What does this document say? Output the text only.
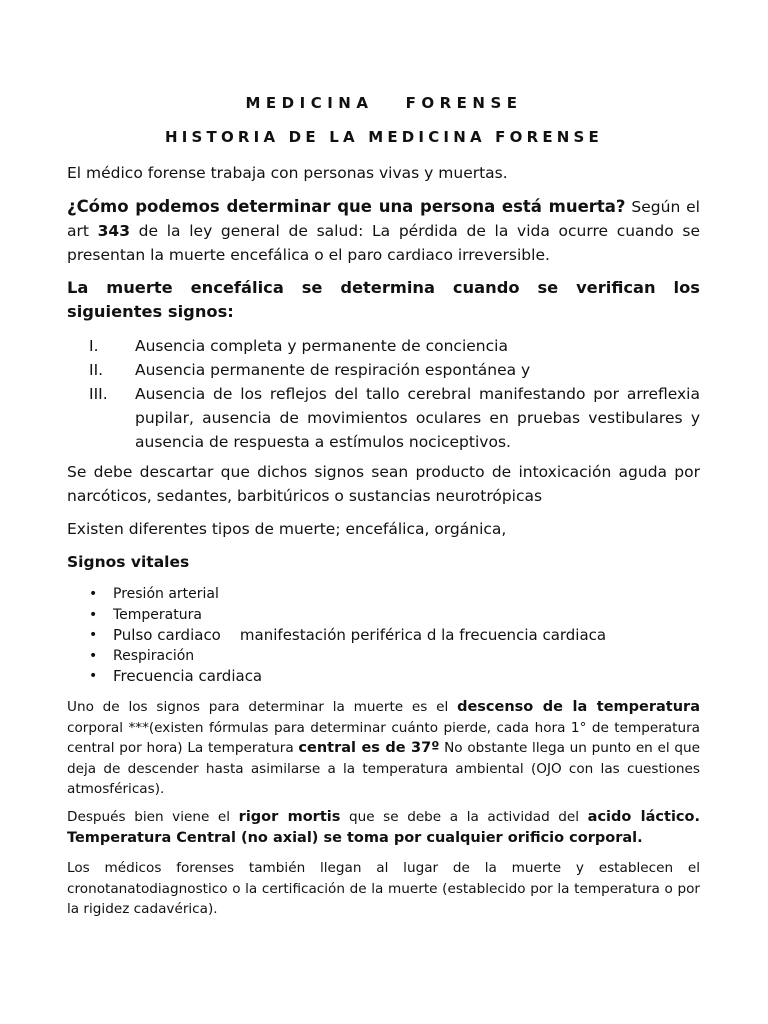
MEDICINA   FORENSE
HISTORIA DE LA MEDICINA FORENSE

El médico forense trabaja con personas vivas y muertas.

¿Cómo podemos determinar que una persona está muerta? Según el art 343 de la ley general de salud: La pérdida de la vida ocurre cuando se presentan la muerte encefálica o el paro cardiaco irreversible.

La muerte encefálica se determina cuando se verifican los siguientes signos:

I. Ausencia completa y permanente de conciencia
II. Ausencia permanente de respiración espontánea y
III. Ausencia de los reflejos del tallo cerebral manifestando por arreflexia pupilar, ausencia de movimientos oculares en pruebas vestibulares y ausencia de respuesta a estímulos nociceptivos.

Se debe descartar que dichos signos sean producto de intoxicación aguda por narcóticos, sedantes, barbitúricos o sustancias neurotrópicas

Existen diferentes tipos de muerte; encefálica, orgánica,

Signos vitales

• Presión arterial
• Temperatura
• Pulso cardiaco    manifestación periférica d la frecuencia cardiaca
• Respiración
• Frecuencia cardiaca

Uno de los signos para determinar la muerte es el descenso de la temperatura corporal ***(existen fórmulas para determinar cuánto pierde, cada hora 1° de temperatura central por hora) La temperatura central es de 37º No obstante llega un punto en el que deja de descender hasta asimilarse a la temperatura ambiental (OJO con las cuestiones atmosféricas).

Después bien viene el rigor mortis que se debe a la actividad del acido láctico. Temperatura Central (no axial) se toma por cualquier orificio corporal.

Los médicos forenses también llegan al lugar de la muerte y establecen el cronotanatodiagnostico o la certificación de la muerte (establecido por la temperatura o por la rigidez cadavérica).
